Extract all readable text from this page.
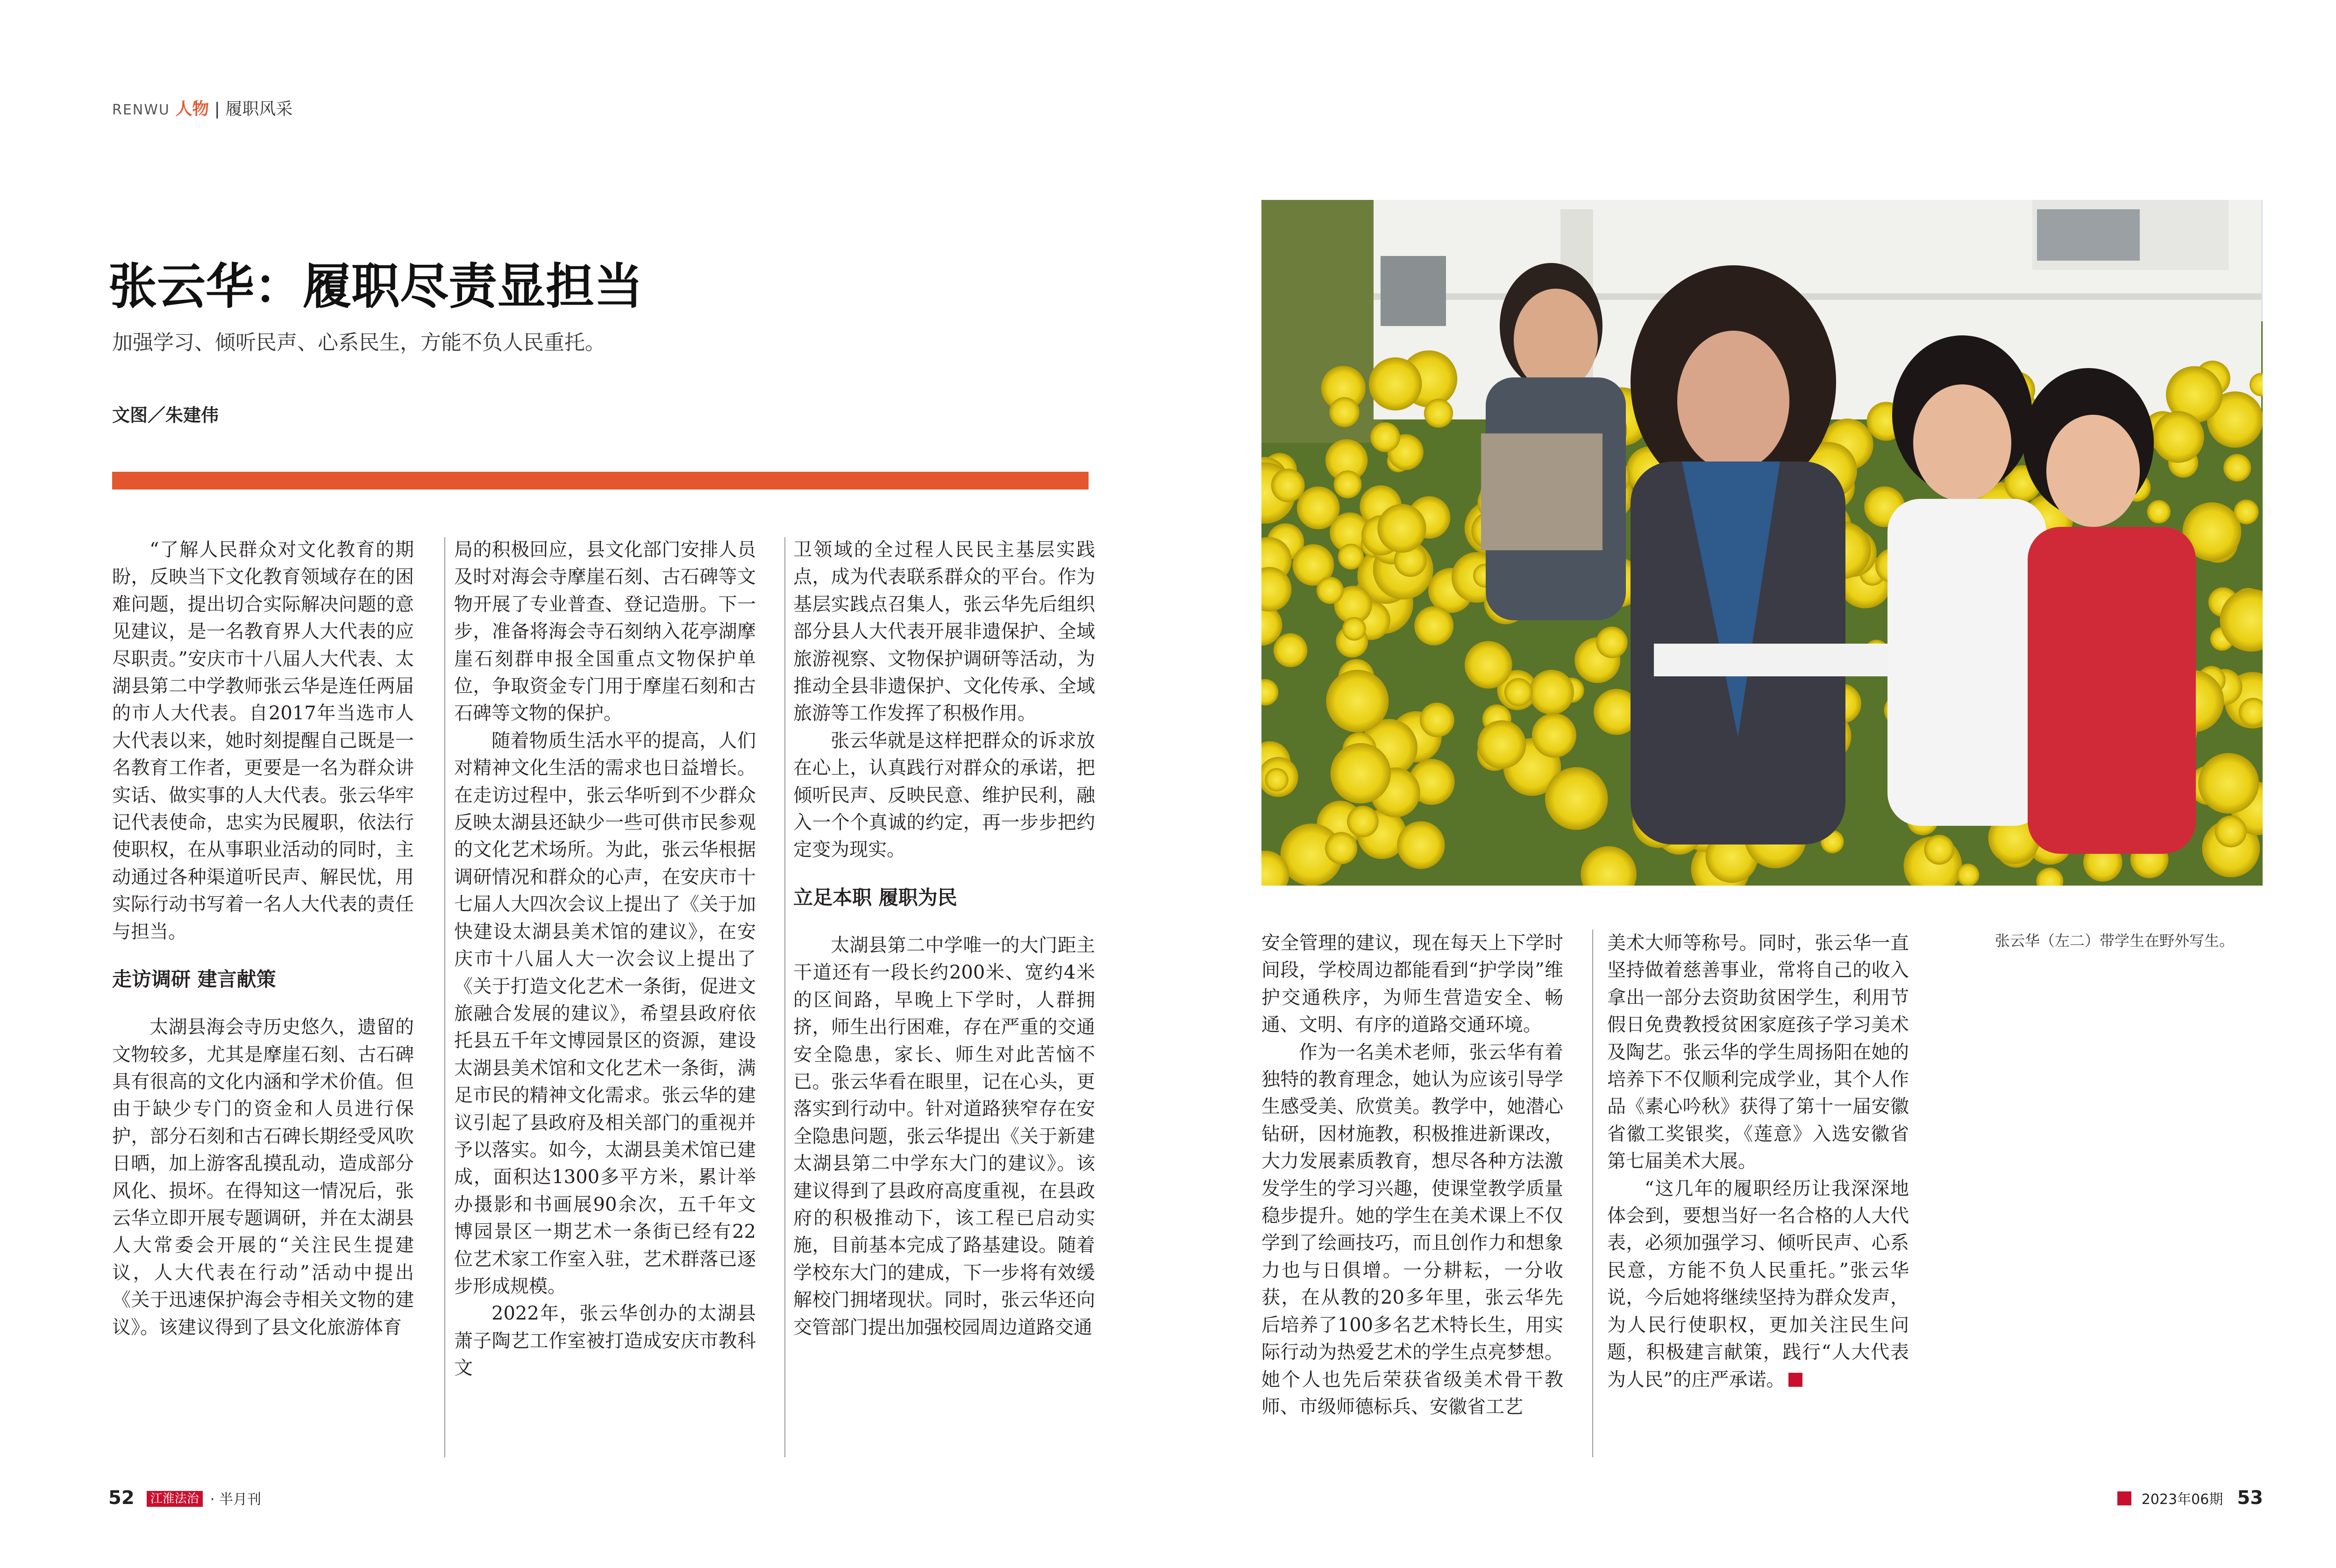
RENWU 人物 | 履职风采
张云华：履职尽责显担当
加强学习、倾听民声、心系民生，方能不负人民重托。
文图／朱建伟

“了解人民群众对文化教育的期盼，反映当下文化教育领域存在的困难问题，提出切合实际解决问题的意见建议，是一名教育界人大代表的应尽职责。”安庆市十八届人大代表、太湖县第二中学教师张云华是连任两届的市人大代表。自2017年当选市人大代表以来，她时刻提醒自己既是一名教育工作者，更要是一名为群众讲实话、做实事的人大代表。张云华牢记代表使命，忠实为民履职，依法行使职权，在从事职业活动的同时，主动通过各种渠道听民声、解民忧，用实际行动书写着一名人大代表的责任与担当。

走访调研 建言献策

太湖县海会寺历史悠久，遗留的文物较多，尤其是摩崖石刻、古石碑具有很高的文化内涵和学术价值。但由于缺少专门的资金和人员进行保护，部分石刻和古石碑长期经受风吹日晒，加上游客乱摸乱动，造成部分风化、损坏。在得知这一情况后，张云华立即开展专题调研，并在太湖县人大常委会开展的“关注民生提建议，人大代表在行动”活动中提出《关于迅速保护海会寺相关文物的建议》。该建议得到了县文化旅游体育

局的积极回应，县文化部门安排人员及时对海会寺摩崖石刻、古石碑等文物开展了专业普查、登记造册。下一步，准备将海会寺石刻纳入花亭湖摩崖石刻群申报全国重点文物保护单位，争取资金专门用于摩崖石刻和古石碑等文物的保护。

随着物质生活水平的提高，人们对精神文化生活的需求也日益增长。在走访过程中，张云华听到不少群众反映太湖县还缺少一些可供市民参观的文化艺术场所。为此，张云华根据调研情况和群众的心声，在安庆市十七届人大四次会议上提出了《关于加快建设太湖县美术馆的建议》，在安庆市十八届人大一次会议上提出了《关于打造文化艺术一条街，促进文旅融合发展的建议》，希望县政府依托县五千年文博园景区的资源，建设太湖县美术馆和文化艺术一条街，满足市民的精神文化需求。张云华的建议引起了县政府及相关部门的重视并予以落实。如今，太湖县美术馆已建成，面积达1300多平方米，累计举办摄影和书画展90余次，五千年文博园景区一期艺术一条街已经有22位艺术家工作室入驻，艺术群落已逐步形成规模。

2022年，张云华创办的太湖县萧子陶艺工作室被打造成安庆市教科文

卫领域的全过程人民民主基层实践点，成为代表联系群众的平台。作为基层实践点召集人，张云华先后组织部分县人大代表开展非遗保护、全域旅游视察、文物保护调研等活动，为推动全县非遗保护、文化传承、全域旅游等工作发挥了积极作用。

张云华就是这样把群众的诉求放在心上，认真践行对群众的承诺，把倾听民声、反映民意、维护民利，融入一个个真诚的约定，再一步步把约定变为现实。

立足本职 履职为民

太湖县第二中学唯一的大门距主干道还有一段长约200米、宽约4米的区间路，早晚上下学时，人群拥挤，师生出行困难，存在严重的交通安全隐患，家长、师生对此苦恼不已。张云华看在眼里，记在心头，更落实到行动中。针对道路狭窄存在安全隐患问题，张云华提出《关于新建太湖县第二中学东大门的建议》。该建议得到了县政府高度重视，在县政府的积极推动下，该工程已启动实施，目前基本完成了路基建设。随着学校东大门的建成，下一步将有效缓解校门拥堵现状。同时，张云华还向交管部门提出加强校园周边道路交通

安全管理的建议，现在每天上下学时间段，学校周边都能看到“护学岗”维护交通秩序，为师生营造安全、畅通、文明、有序的道路交通环境。

作为一名美术老师，张云华有着独特的教育理念，她认为应该引导学生感受美、欣赏美。教学中，她潜心钻研，因材施教，积极推进新课改，大力发展素质教育，想尽各种方法激发学生的学习兴趣，使课堂教学质量稳步提升。她的学生在美术课上不仅学到了绘画技巧，而且创作力和想象力也与日俱增。一分耕耘，一分收获，在从教的20多年里，张云华先后培养了100多名艺术特长生，用实际行动为热爱艺术的学生点亮梦想。她个人也先后荣获省级美术骨干教师、市级师德标兵、安徽省工艺

美术大师等称号。同时，张云华一直坚持做着慈善事业，常将自己的收入拿出一部分去资助贫困学生，利用节假日免费教授贫困家庭孩子学习美术及陶艺。张云华的学生周扬阳在她的培养下不仅顺利完成学业，其个人作品《素心吟秋》获得了第十一届安徽省徽工奖银奖，《莲意》入选安徽省第七届美术大展。

“这几年的履职经历让我深深地体会到，要想当好一名合格的人大代表，必须加强学习、倾听民声、心系民意，方能不负人民重托。”张云华说，今后她将继续坚持为群众发声，为人民行使职权，更加关注民生问题，积极建言献策，践行“人大代表为人民”的庄严承诺。

张云华（左二）带学生在野外写生。
52 江淮法治 · 半月刊	2023年06期 53
